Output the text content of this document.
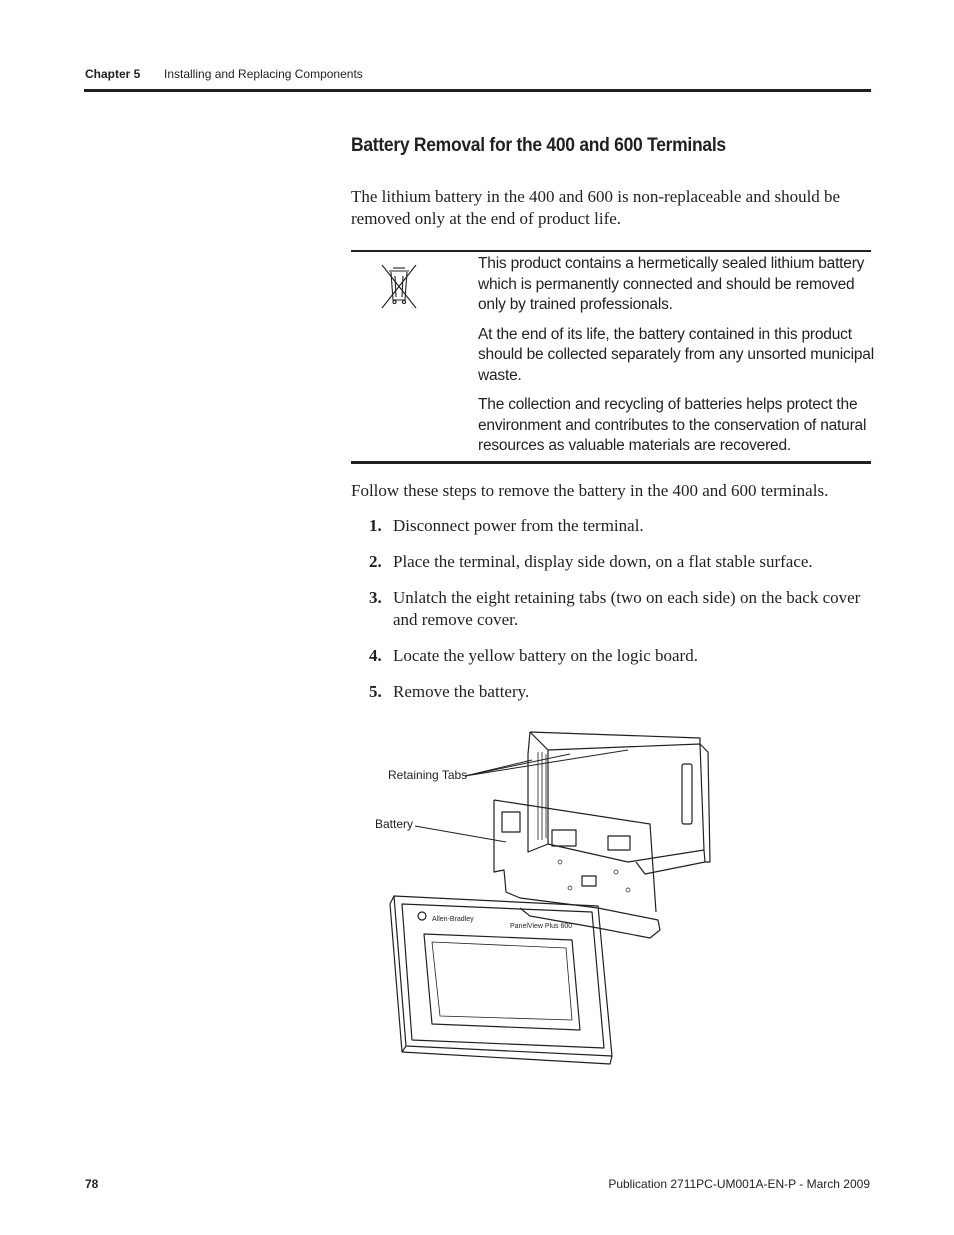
Chapter 5 Installing and Replacing Components
Battery Removal for the 400 and 600 Terminals

The lithium battery in the 400 and 600 is non-replaceable and should be removed only at the end of product life.

This product contains a hermetically sealed lithium battery which is permanently connected and should be removed only by trained professionals.

At the end of its life, the battery contained in this product should be collected separately from any unsorted municipal waste.

The collection and recycling of batteries helps protect the environment and contributes to the conservation of natural resources as valuable materials are recovered.

Follow these steps to remove the battery in the 400 and 600 terminals.

1. Disconnect power from the terminal.
2. Place the terminal, display side down, on a flat stable surface.
3. Unlatch the eight retaining tabs (two on each side) on the back cover and remove cover.
4. Locate the yellow battery on the logic board.
5. Remove the battery.
Allen-Bradley
PanelView Plus 600
Retaining Tabs
Battery
78	Publication 2711PC-UM001A-EN-P - March 2009
